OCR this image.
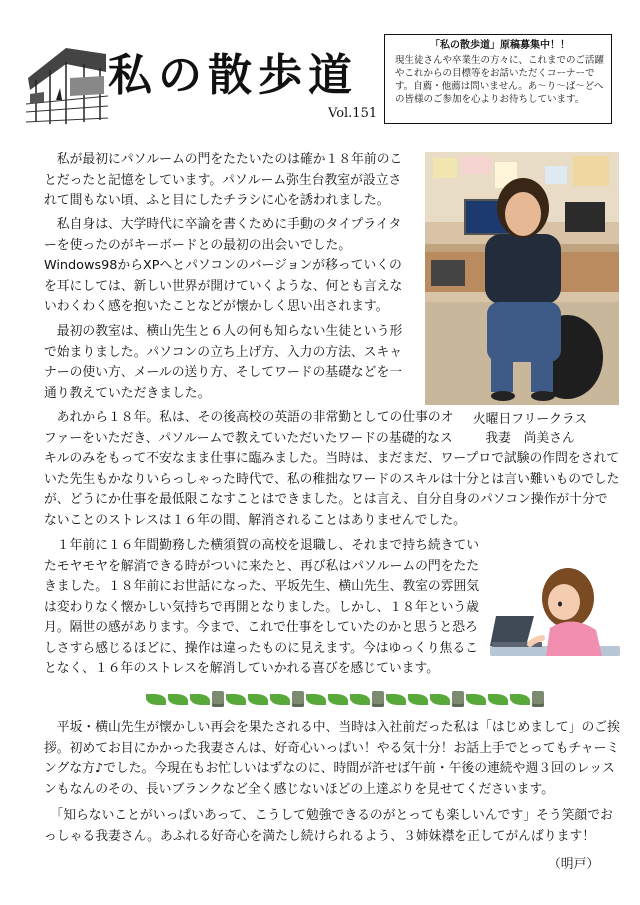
私の散歩道
Vol.151
「私の散歩道」原稿募集中！！
現生徒さんや卒業生の方々に、これまでのご活躍やこれからの目標等をお話いただくコーナーです。自薦・他薦は問いません。あ～り～ば～どへの皆様のご参加を心よりお待ちしています。

　私が最初にパソルームの門をたたいたのは確か１８年前のことだったと記憶をしています。パソルーム弥生台教室が設立されて間もない頃、ふと目にしたチラシに心を誘われました。

　私自身は、大学時代に卒論を書くために手動のタイプライターを使ったのがキーボードとの最初の出会いでした。Windows98からXPへとパソコンのバージョンが移っていくのを耳にしては、新しい世界が開けていくような、何とも言えないわくわく感を抱いたことなどが懐かしく思い出されます。

　最初の教室は、横山先生と６人の何も知らない生徒という形で始まりました。パソコンの立ち上げ方、入力の方法、スキャナーの使い方、メールの送り方、そしてワードの基礎などを一通り教えていただきました。

　あれから１８年。私は、その後高校の英語の非常勤としての仕事のオファーをいただき、パソルームで教えていただいたワードの基礎的なスキルのみをもって不安なまま仕事に臨みました。当時は、まだまだ、ワープロで試験の作問をされていた先生もかなりいらっしゃった時代で、私の稚拙なワードのスキルは十分とは言い難いものでしたが、どうにか仕事を最低限こなすことはできました。とは言え、自分自身のパソコン操作が十分でないことのストレスは１６年の間、解消されることはありませんでした。

　１年前に１６年間勤務した横須賀の高校を退職し、それまで持ち続きていたモヤモヤを解消できる時がついに来たと、再び私はパソルームの門をたたきました。１８年前にお世話になった、平坂先生、横山先生、教室の雰囲気は変わりなく懐かしい気持ちで再開となりました。しかし、１８年という歳月。隔世の感があります。今まで、これで仕事をしていたのかと思うと恐ろしさすら感じるほどに、操作は違ったものに見えます。今はゆっくり焦ることなく、１６年のストレスを解消していかれる喜びを感じています。

火曜日フリークラス
我妻　尚美さん

　平坂・横山先生が懐かしい再会を果たされる中、当時は入社前だった私は「はじめまして」のご挨拶。初めてお目にかかった我妻さんは、好奇心いっぱい！やる気十分！お話上手でとってもチャーミングな方♪でした。今現在もお忙しいはずなのに、時間が許せば午前・午後の連続や週３回のレッスンもなんのその、長いブランクなど全く感じないほどの上達ぶりを見せてくださいます。

　「知らないことがいっぱいあって、こうして勉強できるのがとっても楽しいんです」そう笑顔でおっしゃる我妻さん。あふれる好奇心を満たし続けられるよう、３姉妹襟を正してがんばります！

（明戸）
